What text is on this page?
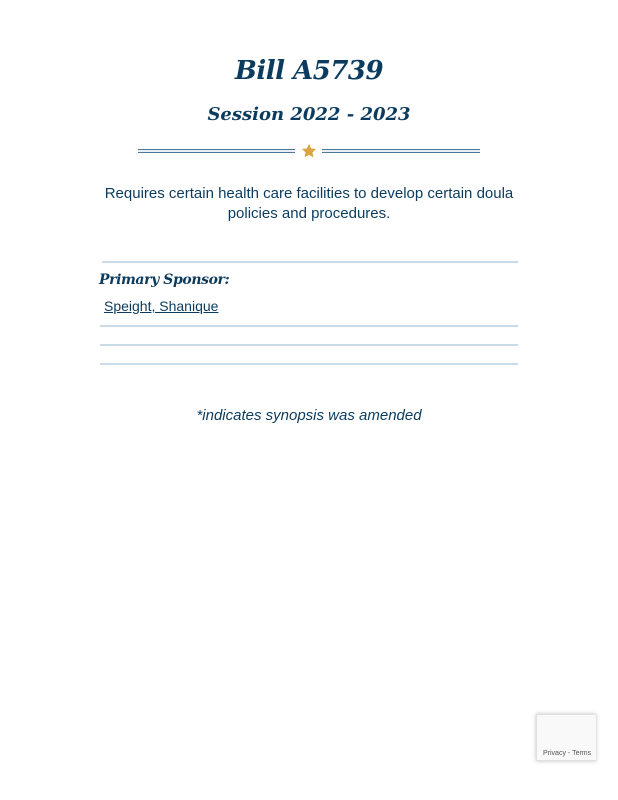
Bill A5739
Session 2022 - 2023
Requires certain health care facilities to develop certain doula policies and procedures.
Primary Sponsor:
Speight, Shanique
*indicates synopsis was amended
Privacy - Terms
